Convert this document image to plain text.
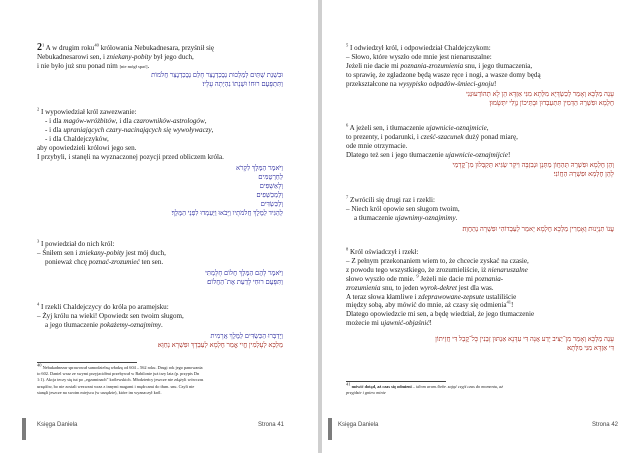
$2^1$ A w drugim roku$^{40}$ królowania Nebukadnesara, przyśnił się
Nebukadnesarowi sen, i zniekany-pobity był jego duch,
i nie było już snu ponad nim [nie mógł spać].
וּבִשְׁנַת שְׁתַּיִם לְמַלְכוּת נְבֻכַדְנֶצַּר חָלַם נְבֻכַדְנֶצַּר חֲלֹמוֹת
וַתִּתְפָּעֶם רוּחוֹ וּשְׁנָתוֹ נִהְיְתָה עָלָיו׃
$^2$ I wypowiedział król zawezwanie:
- i dla magów-wróżbitów, i dla czarowników-astrologów,
- i dla upraniających czary-nacinających się wywoływaczy,
- i dla Chaldejczyków,
aby opowiedzieli królowi jego sen.
I przybyli, i stanęli na wyznaczonej pozycji przed obliczem króla.
וַיֹּאמֶר הַמֶּלֶךְ לִקְרֹא
לַחַרְטֻמִּים
וְלָאַשָּׁפִים
וְלַמְכַשְּׁפִים
וְלַכַּשְׂדִּים
לְהַגִּיד לַמֶּלֶךְ חֲלֹמֹתָיו וַיָּבֹאוּ וַיַּעַמְדוּ לִפְנֵי הַמֶּלֶךְ׃
$^3$ I powiedział do nich król:
– Śniłem sen i zniekany-pobity jest mój duch,
ponieważ chcę poznać-zrozumieć ten sen.
וַיֹּאמֶר לָהֶם הַמֶּלֶךְ חֲלוֹם חָלָמְתִּי
וַתִּפָּעֶם רוּחִי לָדַעַת אֶת־הַחֲלוֹם׃
$^4$ I rzekli Chaldejczycy do króla po aramejsku:
– Żyj królu na wieki! Opowiedz sen twoim sługom,
a jego tłumaczenie pokażemy-oznajmimy.
וַיְדַבְּרוּ הַכַּשְׂדִּים לַמֶּלֶךְ אֲרָמִית
מַלְכָּא לְעָלְמִין חֱיִי אֱמַר חֶלְמָא לְעַבְדָךְ וּפִשְׁרָא נְחַוֵּא׃
$^{40}$ Nebukadnezar sprawował samodzielną władzę od 604 – 562 roku. Drugi rok jego panowania
to 602. Daniel wraz ze swymi przyjaciółmi przebywał w Babilonie już trzy lata (p. przypis Dn
1:1). Akcja teczy się tut po „egzaminach” królewskich. Młodzieńcy jeszcze nie zdążyli wówczas
urzędów, bo nie zostali wezwani wraz z innymi magami i mędrcami do tłum. snu. Czyli nie
stanęli jeszcze na swoim miejscu (w urzędzie), które im wyznaczył król.
Księga Daniela	Strona 41
$^5$ I odwiedzył król, i odpowiedział Chaldejczykom:
– Słowo, które wyszło ode mnie jest nienaruszalne:
Jeżeli nie dacie mi poznania-zrozumienia snu, i jego tłumaczenia,
to sprawię, że zgładzone będą wasze ręce i nogi, a wasze domy będą
przekształcone na wysypisko odpadów-śmieci-gnoju!
עָנֵה מַלְכָּא וְאָמַר לְכַשְׂדָּיֵא מִלְּתָא מִנִּי אַזְדָּא הֵן לָא תְהוֹדְעוּנַּנִי
חֶלְמָא וּפִשְׁרֵהּ הַדָּמִין תִּתְעַבְדוּן וּבָתֵּיכוֹן נְוָלִי יִתְּשָׂמוּן׃
$^6$ A jeżeli sen, i tłumaczenie ujawnicie-oznajmicie,
to prezenty, i podarunki, i cześć-szacunek dużý ponad miarę,
ode mnie otrzymacie.
Dlatego też sen i jego tłumaczenie ujawnicie-oznajmijcie!
וְהֵן חֶלְמָא וּפִשְׁרֵהּ תְּהַחֲוֹן מַתְּנָן וּנְבִזְבָּה וִיקָר שַׂגִּיא תְּקַבְּלוּן מִן־קֳדָמַי
לָהֵן חֶלְמָא וּפִשְׁרֵהּ הַחֲוֹנִי׃
$^7$ Zwrócili się drugi raz i rzekli:
– Niech król opowie sen sługom twoim,
a tłumaczenie ujawnimy-oznajmimy.
עֲנוֹ תִנְיָנוּת וְאָמְרִין מַלְכָּא חֶלְמָא יֵאמַר לְעַבְדוֹהִי וּפִשְׁרָה נְהַחֲוֵה׃
$^8$ Król oświadczył i rzekł:
– Z pełnym przekonaniem wiem to, że chcecie zyskać na czasie,
z powodu tego wszystkiego, że zrozumieliście, iż nienaruszalne
słowo wyszło ode mnie. $^9$ Jeżeli nie dacie mi poznania-
zrozumienia snu, to jeden wyrok-dekret jest dla was.
A teraz słowa kłamliwe i zdeprawowane-zepsute ustaliliście
między sobą, aby mówić do mnie, aż czasy się odmienia$^{41}$!
Dlatego opowiedzcie mi sen, a będę wiedział, że jego tłumaczenie
możecie mi ujawnić-objaśnić!
עָנֵה מַלְכָּא וְאָמַר מִן־יַצִּיב יָדַע אֲנָה דִּי עִדָּנָא אַנְתּוּן זָבְנִין כָּל־קֳבֵל דִּי חֲזֵיתוֹן
דִּי אַזְדָּא מִנִּי מִלְּתָא׃
$^{41}$ mówić dotąd, aż czas się odmieni – idiom aram./hebr. zająć czyjś czas do momentu, aż
przyjdzie i gniew minie
Księga Daniela	Strona 42
